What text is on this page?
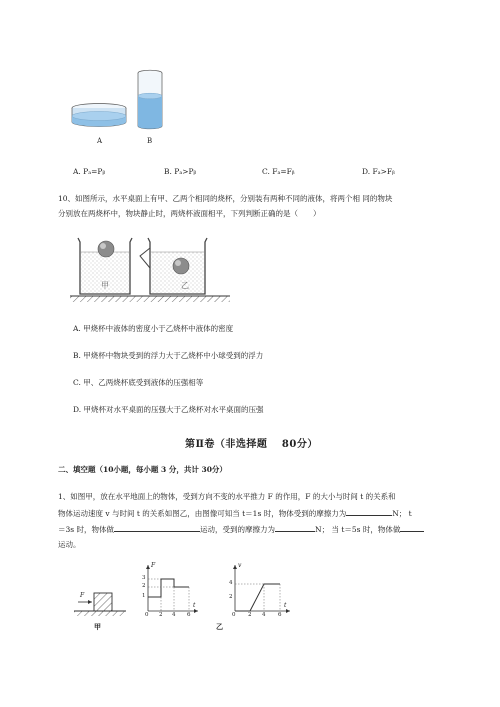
A	B
A. Pₐ=Pᵦ	B. Pₐ>Pᵦ	C. Fₐ=Fᵦ	D. Fₐ>Fᵦ
10、如图所示，水平桌面上有甲、乙两个相同的烧杯，分别装有两种不同的液体，将两个相 同的物块
分别放在两烧杯中，物块静止时，两烧杯液面相平，下列判断正确的是（　　）
甲	乙
A. 甲烧杯中液体的密度小于乙烧杯中液体的密度
B. 甲烧杯中物块受到的浮力大于乙烧杯中小球受到的浮力
C. 甲、乙两烧杯底受到液体的压强相等
D. 甲烧杯对水平桌面的压强大于乙烧杯对水平桌面的压强
第Ⅱ卷（非选择题　 80分）
二、填空题（10小题，每小题 3 分，共计 30分）
1、如图甲，放在水平地面上的物体，受到方向不变的水平推力 F 的作用，F 的大小与时间 t 的关系和
物体运动速度 v 与时间 t 的关系如图乙，由图像可知当 t＝1s 时，物体受到的摩擦力为	N； t
＝3s 时，物体做	运动，受到的摩擦力为	N； 当 t＝5s 时，物体做
运动。
F
甲
F
t
3
2
1
0 2 4 6
v
t
4
2
0 2 4 6
乙
